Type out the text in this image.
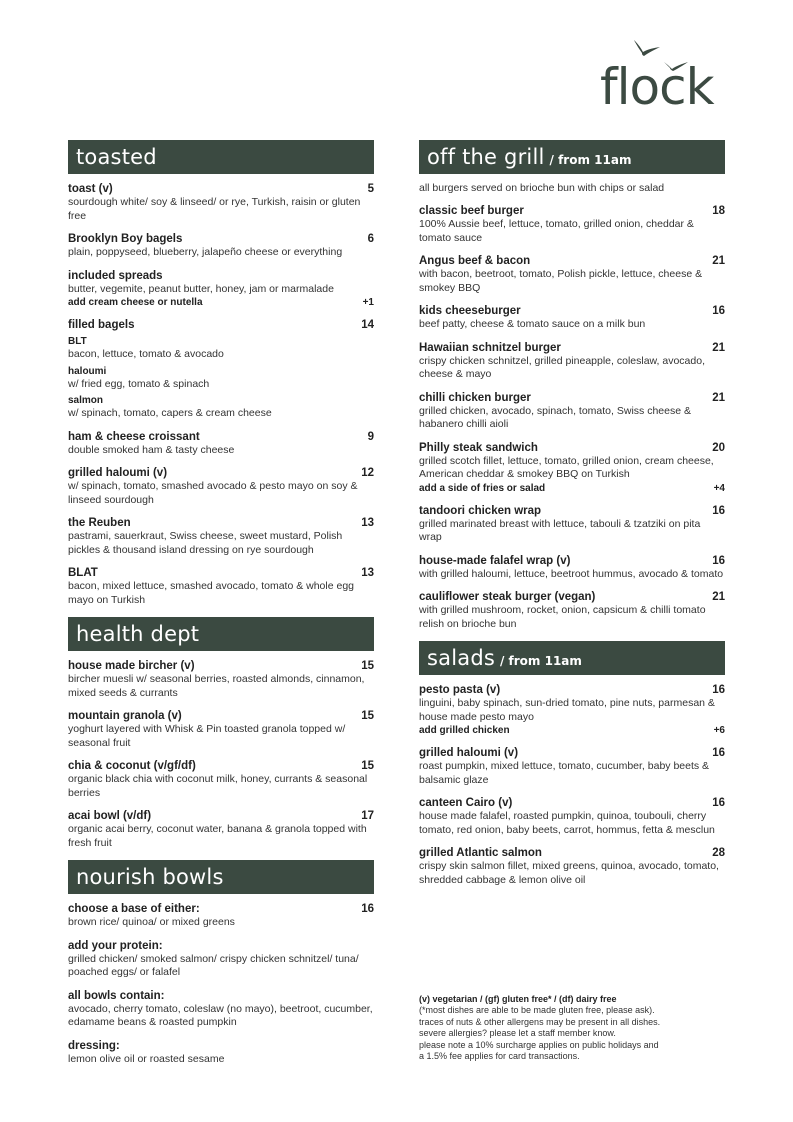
flock
toasted
toast (v)	5
sourdough white/ soy & linseed/ or rye, Turkish, raisin or gluten free
Brooklyn Boy bagels	6
plain, poppyseed, blueberry, jalapeño cheese or everything
included spreads
butter, vegemite, peanut butter, honey, jam or marmalade
add cream cheese or nutella	+1
filled bagels	14
BLT
bacon, lettuce, tomato & avocado
haloumi
w/ fried egg, tomato & spinach
salmon
w/ spinach, tomato, capers & cream cheese
ham & cheese croissant	9
double smoked ham & tasty cheese
grilled haloumi (v)	12
w/ spinach, tomato, smashed avocado & pesto mayo on soy & linseed sourdough
the Reuben	13
pastrami, sauerkraut, Swiss cheese, sweet mustard, Polish pickles & thousand island dressing on rye sourdough
BLAT	13
bacon, mixed lettuce, smashed avocado, tomato & whole egg mayo on Turkish
health dept
house made bircher (v)	15
bircher muesli w/ seasonal berries, roasted almonds, cinnamon, mixed seeds & currants
mountain granola (v)	15
yoghurt layered with Whisk & Pin toasted granola topped w/ seasonal fruit
chia & coconut (v/gf/df)	15
organic black chia with coconut milk, honey, currants & seasonal berries
acai bowl (v/df)	17
organic acai berry, coconut water, banana & granola topped with fresh fruit
nourish bowls
choose a base of either:	16
brown rice/ quinoa/ or mixed greens
add your protein:
grilled chicken/ smoked salmon/ crispy chicken schnitzel/ tuna/ poached eggs/ or falafel
all bowls contain:
avocado, cherry tomato, coleslaw (no mayo), beetroot, cucumber, edamame beans & roasted pumpkin
dressing:
lemon olive oil or roasted sesame
off the grill / from 11am
all burgers served on brioche bun with chips or salad
classic beef burger	18
100% Aussie beef, lettuce, tomato, grilled onion, cheddar & tomato sauce
Angus beef & bacon	21
with bacon, beetroot, tomato, Polish pickle, lettuce, cheese & smokey BBQ
kids cheeseburger	16
beef patty, cheese & tomato sauce on a milk bun
Hawaiian schnitzel burger	21
crispy chicken schnitzel, grilled pineapple, coleslaw, avocado, cheese & mayo
chilli chicken burger	21
grilled chicken, avocado, spinach, tomato, Swiss cheese & habanero chilli aioli
Philly steak sandwich	20
grilled scotch fillet, lettuce, tomato, grilled onion, cream cheese, American cheddar & smokey BBQ on Turkish
add a side of fries or salad	+4
tandoori chicken wrap	16
grilled marinated breast with lettuce, tabouli & tzatziki on pita wrap
house-made falafel wrap (v)	16
with grilled haloumi, lettuce, beetroot hummus, avocado & tomato
cauliflower steak burger (vegan)	21
with grilled mushroom, rocket, onion, capsicum & chilli tomato relish on brioche bun
salads / from 11am
pesto pasta (v)	16
linguini, baby spinach, sun-dried tomato, pine nuts, parmesan & house made pesto mayo
add grilled chicken	+6
grilled haloumi (v)	16
roast pumpkin, mixed lettuce, tomato, cucumber, baby beets & balsamic glaze
canteen Cairo (v)	16
house made falafel, roasted pumpkin, quinoa, toubouli, cherry tomato, red onion, baby beets, carrot, hommus, fetta & mesclun
grilled Atlantic salmon	28
crispy skin salmon fillet, mixed greens, quinoa, avocado, tomato, shredded cabbage & lemon olive oil
(v) vegetarian / (gf) gluten free* / (df) dairy free
(*most dishes are able to be made gluten free, please ask).
traces of nuts & other allergens may be present in all dishes.
severe allergies? please let a staff member know.
please note a 10% surcharge applies on public holidays and
a 1.5% fee applies for card transactions.
